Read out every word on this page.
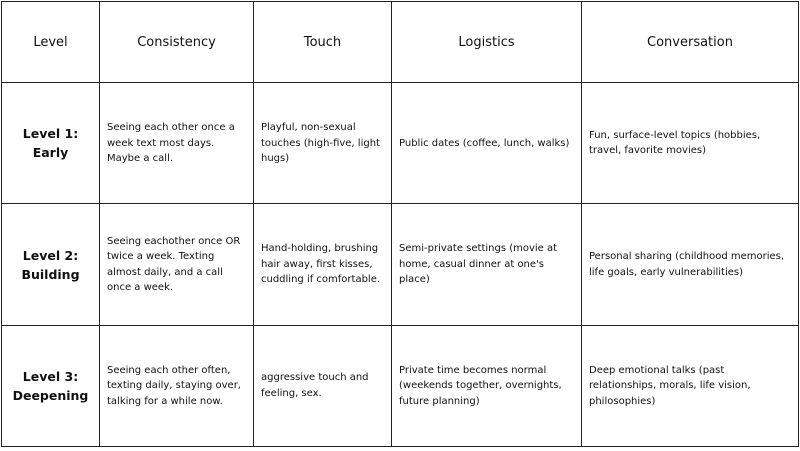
Level	Consistency	Touch	Logistics	Conversation
Level 1: Early	Seeing each other once a week text most days. Maybe a call.	Playful, non-sexual touches (high-five, light hugs)	Public dates (coffee, lunch, walks)	Fun, surface-level topics (hobbies, travel, favorite movies)
Level 2: Building	Seeing eachother once OR twice a week. Texting almost daily, and a call once a week.	Hand-holding, brushing hair away, first kisses, cuddling if comfortable.	Semi-private settings (movie at home, casual dinner at one's place)	Personal sharing (childhood memories, life goals, early vulnerabilities)
Level 3: Deepening	Seeing each other often, texting daily, staying over, talking for a while now.	aggressive touch and feeling, sex.	Private time becomes normal (weekends together, overnights, future planning)	Deep emotional talks (past relationships, morals, life vision, philosophies)
